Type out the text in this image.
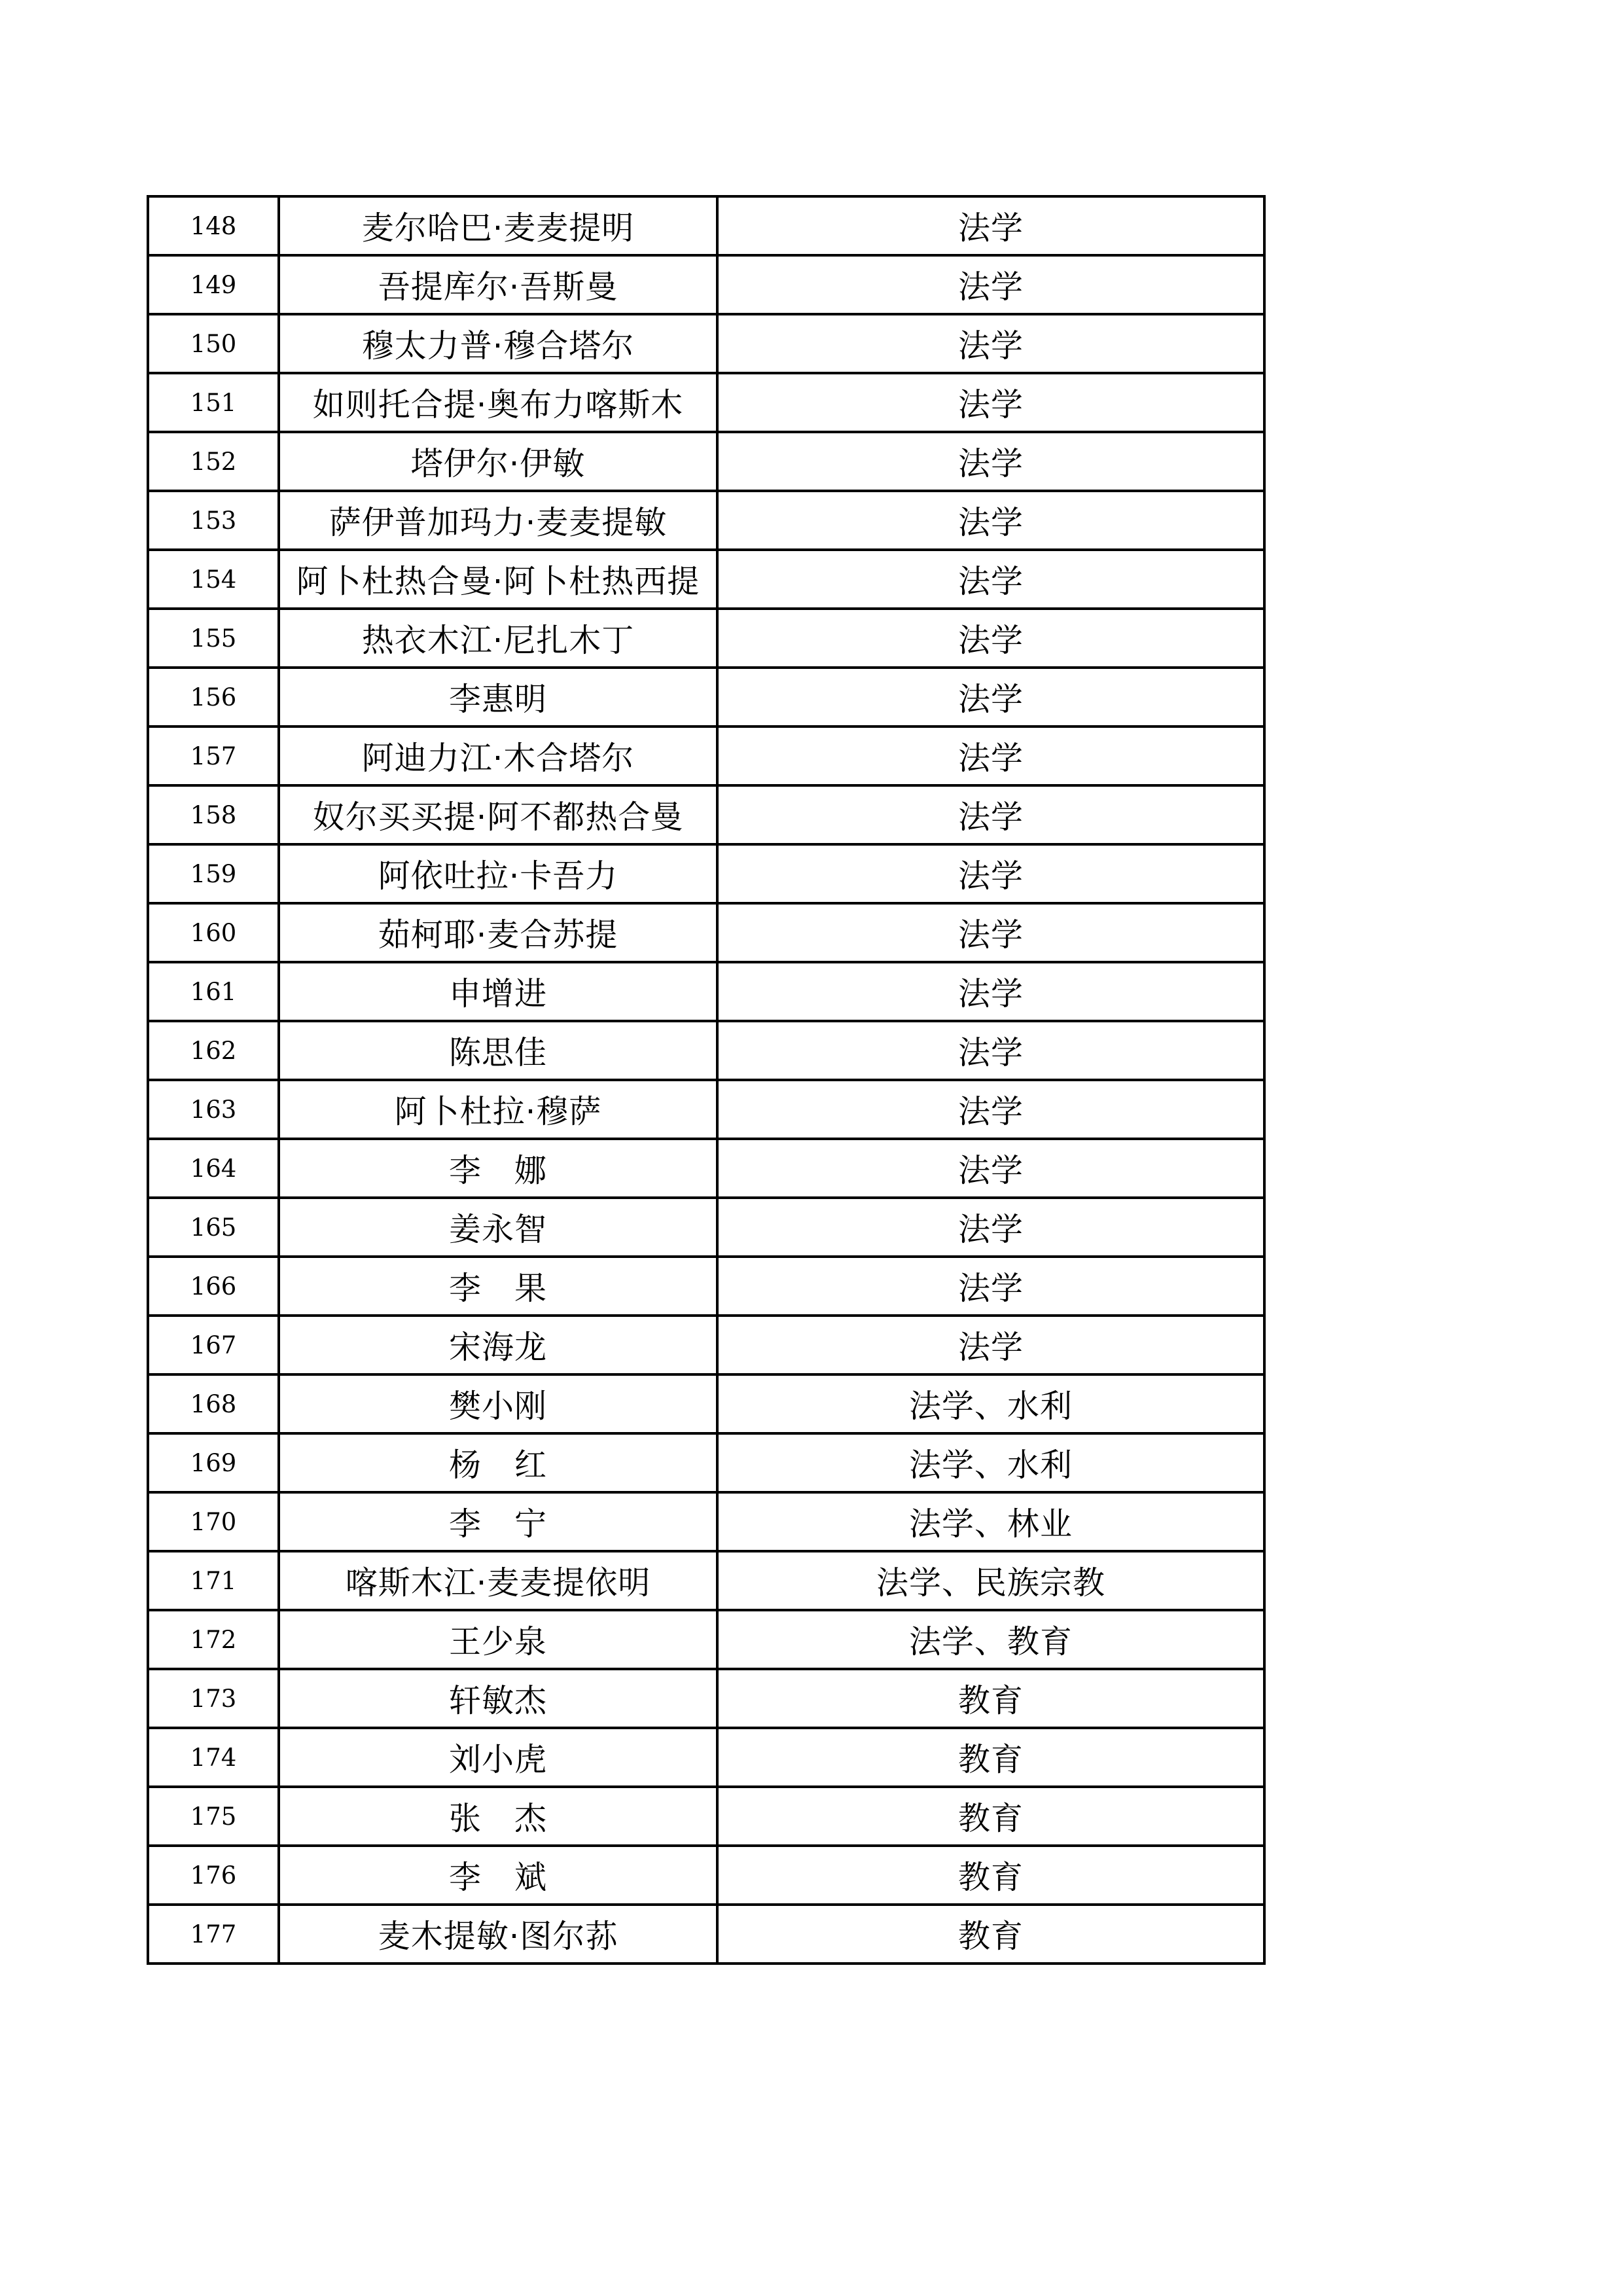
148	麦尔哈巴·麦麦提明	法学
149	吾提库尔·吾斯曼	法学
150	穆太力普·穆合塔尔	法学
151	如则托合提·奥布力喀斯木	法学
152	塔伊尔·伊敏	法学
153	萨伊普加玛力·麦麦提敏	法学
154	阿卜杜热合曼·阿卜杜热西提	法学
155	热衣木江·尼扎木丁	法学
156	李惠明	法学
157	阿迪力江·木合塔尔	法学
158	奴尔买买提·阿不都热合曼	法学
159	阿依吐拉·卡吾力	法学
160	茹柯耶·麦合苏提	法学
161	申增进	法学
162	陈思佳	法学
163	阿卜杜拉·穆萨	法学
164	李　娜	法学
165	姜永智	法学
166	李　果	法学
167	宋海龙	法学
168	樊小刚	法学、水利
169	杨　红	法学、水利
170	李　宁	法学、林业
171	喀斯木江·麦麦提依明	法学、民族宗教
172	王少泉	法学、教育
173	轩敏杰	教育
174	刘小虎	教育
175	张　杰	教育
176	李　斌	教育
177	麦木提敏·图尔荪	教育
